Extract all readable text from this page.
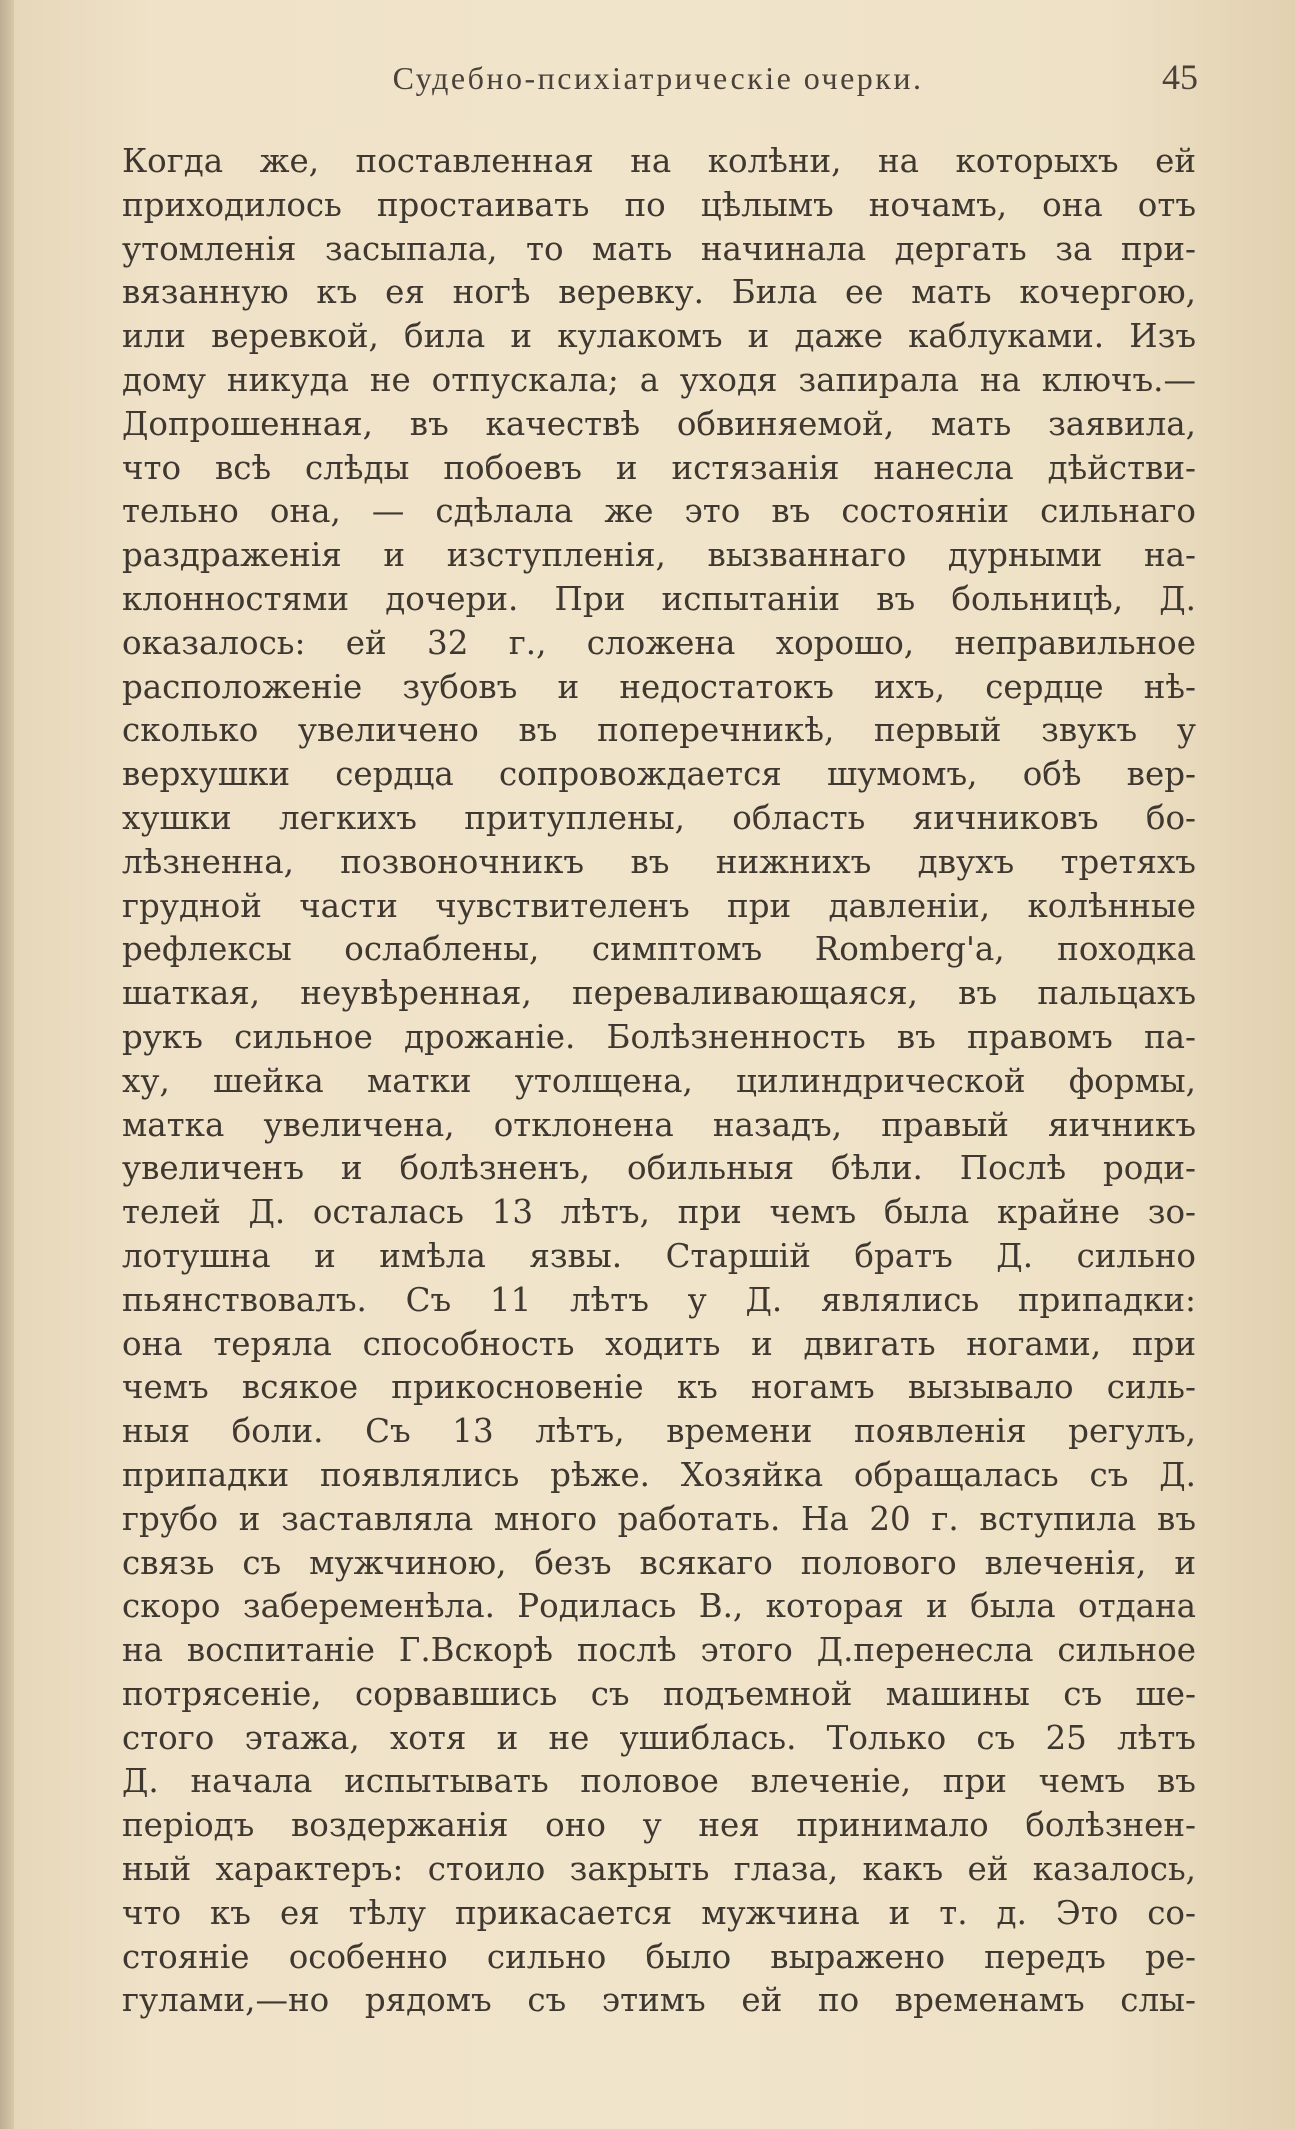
Судебно-психiатрическiе очерки.	45
Когда же, поставленная на колѣни, на которыхъ ей
приходилось простаивать по цѣлымъ ночамъ, она отъ
утомленiя засыпала, то мать начинала дергать за при-
вязанную къ ея ногѣ веревку. Била ее мать кочергою,
или веревкой, била и кулакомъ и даже каблуками. Изъ
дому никуда не отпускала; а уходя запирала на ключъ.—
Допрошенная, въ качествѣ обвиняемой, мать заявила,
что всѣ слѣды побоевъ и истязанiя нанесла дѣйстви-
тельно она, — сдѣлала же это въ состоянiи сильнаго
раздраженiя и изступленiя, вызваннаго дурными на-
клонностями дочери. При испытанiи въ больницѣ, Д.
оказалось: ей 32 г., сложена хорошо, неправильное
расположенiе зубовъ и недостатокъ ихъ, сердце нѣ-
сколько увеличено въ поперечникѣ, первый звукъ у
верхушки сердца сопровождается шумомъ, обѣ вер-
хушки легкихъ притуплены, область яичниковъ бо-
лѣзненна, позвоночникъ въ нижнихъ двухъ третяхъ
грудной части чувствителенъ при давленiи, колѣнные
рефлексы ослаблены, симптомъ Romberg'а, походка
шаткая, неувѣренная, переваливающаяся, въ пальцахъ
рукъ сильное дрожанiе. Болѣзненность въ правомъ па-
ху, шейка матки утолщена, цилиндрической формы,
матка увеличена, отклонена назадъ, правый яичникъ
увеличенъ и болѣзненъ, обильныя бѣли. Послѣ роди-
телей Д. осталась 13 лѣтъ, при чемъ была крайне зо-
лотушна и имѣла язвы. Старшiй братъ Д. сильно
пьянствовалъ. Съ 11 лѣтъ у Д. являлись припадки:
она теряла способность ходить и двигать ногами, при
чемъ всякое прикосновенiе къ ногамъ вызывало силь-
ныя боли. Съ 13 лѣтъ, времени появленiя регулъ,
припадки появлялись рѣже. Хозяйка обращалась съ Д.
грубо и заставляла много работать. На 20 г. вступила въ
связь съ мужчиною, безъ всякаго полового влеченiя, и
скоро забеременѣла. Родилась В., которая и была отдана
на воспитанiе Г.Вскорѣ послѣ этого Д.перенесла сильное
потрясенiе, сорвавшись съ подъемной машины съ ше-
стого этажа, хотя и не ушиблась. Только съ 25 лѣтъ
Д. начала испытывать половое влеченiе, при чемъ въ
перiодъ воздержанiя оно у нея принимало болѣзнен-
ный характеръ: стоило закрыть глаза, какъ ей казалось,
что къ ея тѣлу прикасается мужчина и т. д. Это со-
стоянiе особенно сильно было выражено передъ ре-
гулами,—но рядомъ съ этимъ ей по временамъ слы-
